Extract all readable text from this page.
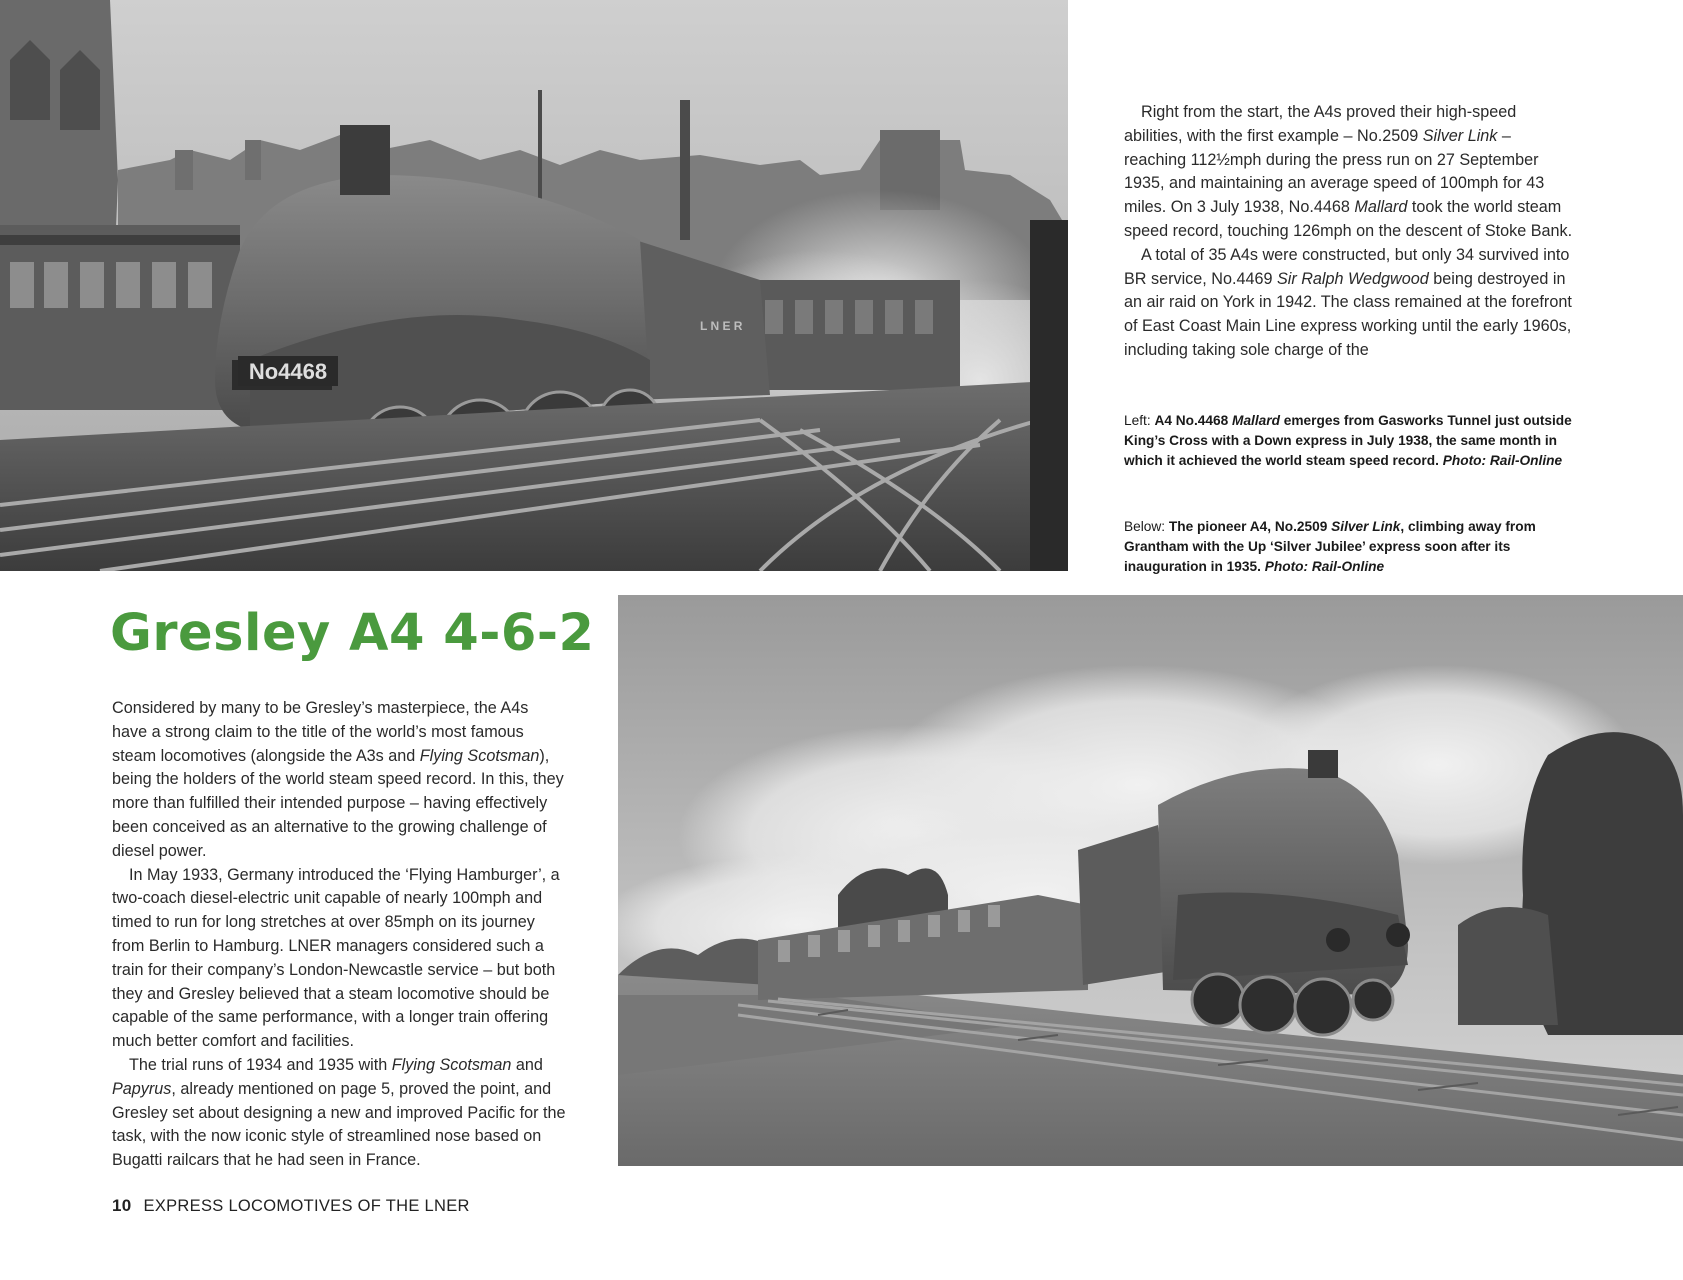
No4468
L N E R

Right from the start, the A4s proved their high-speed abilities, with the first example – No.2509 Silver Link – reaching 112½mph during the press run on 27 September 1935, and maintaining an average speed of 100mph for 43 miles. On 3 July 1938, No.4468 Mallard took the world steam speed record, touching 126mph on the descent of Stoke Bank.

A total of 35 A4s were constructed, but only 34 survived into BR service, No.4469 Sir Ralph Wedgwood being destroyed in an air raid on York in 1942. The class remained at the forefront of East Coast Main Line express working until the early 1960s, including taking sole charge of the

Left: A4 No.4468 Mallard emerges from Gasworks Tunnel just outside King’s Cross with a Down express in July 1938, the same month in which it achieved the world steam speed record. Photo: Rail-Online
Below: The pioneer A4, No.2509 Silver Link, climbing away from Grantham with the Up ‘Silver Jubilee’ express soon after its inauguration in 1935. Photo: Rail-Online
Gresley A4 4-6-2

Considered by many to be Gresley’s masterpiece, the A4s have a strong claim to the title of the world’s most famous steam locomotives (alongside the A3s and Flying Scotsman), being the holders of the world steam speed record. In this, they more than fulfilled their intended purpose – having effectively been conceived as an alternative to the growing challenge of diesel power.

In May 1933, Germany introduced the ‘Flying Hamburger’, a two-coach diesel-electric unit capable of nearly 100mph and timed to run for long stretches at over 85mph on its journey from Berlin to Hamburg. LNER managers considered such a train for their company’s London-Newcastle service – but both they and Gresley believed that a steam locomotive should be capable of the same performance, with a longer train offering much better comfort and facilities.

The trial runs of 1934 and 1935 with Flying Scotsman and Papyrus, already mentioned on page 5, proved the point, and Gresley set about designing a new and improved Pacific for the task, with the now iconic style of streamlined nose based on Bugatti railcars that he had seen in France.

10 EXPRESS LOCOMOTIVES OF THE LNER
